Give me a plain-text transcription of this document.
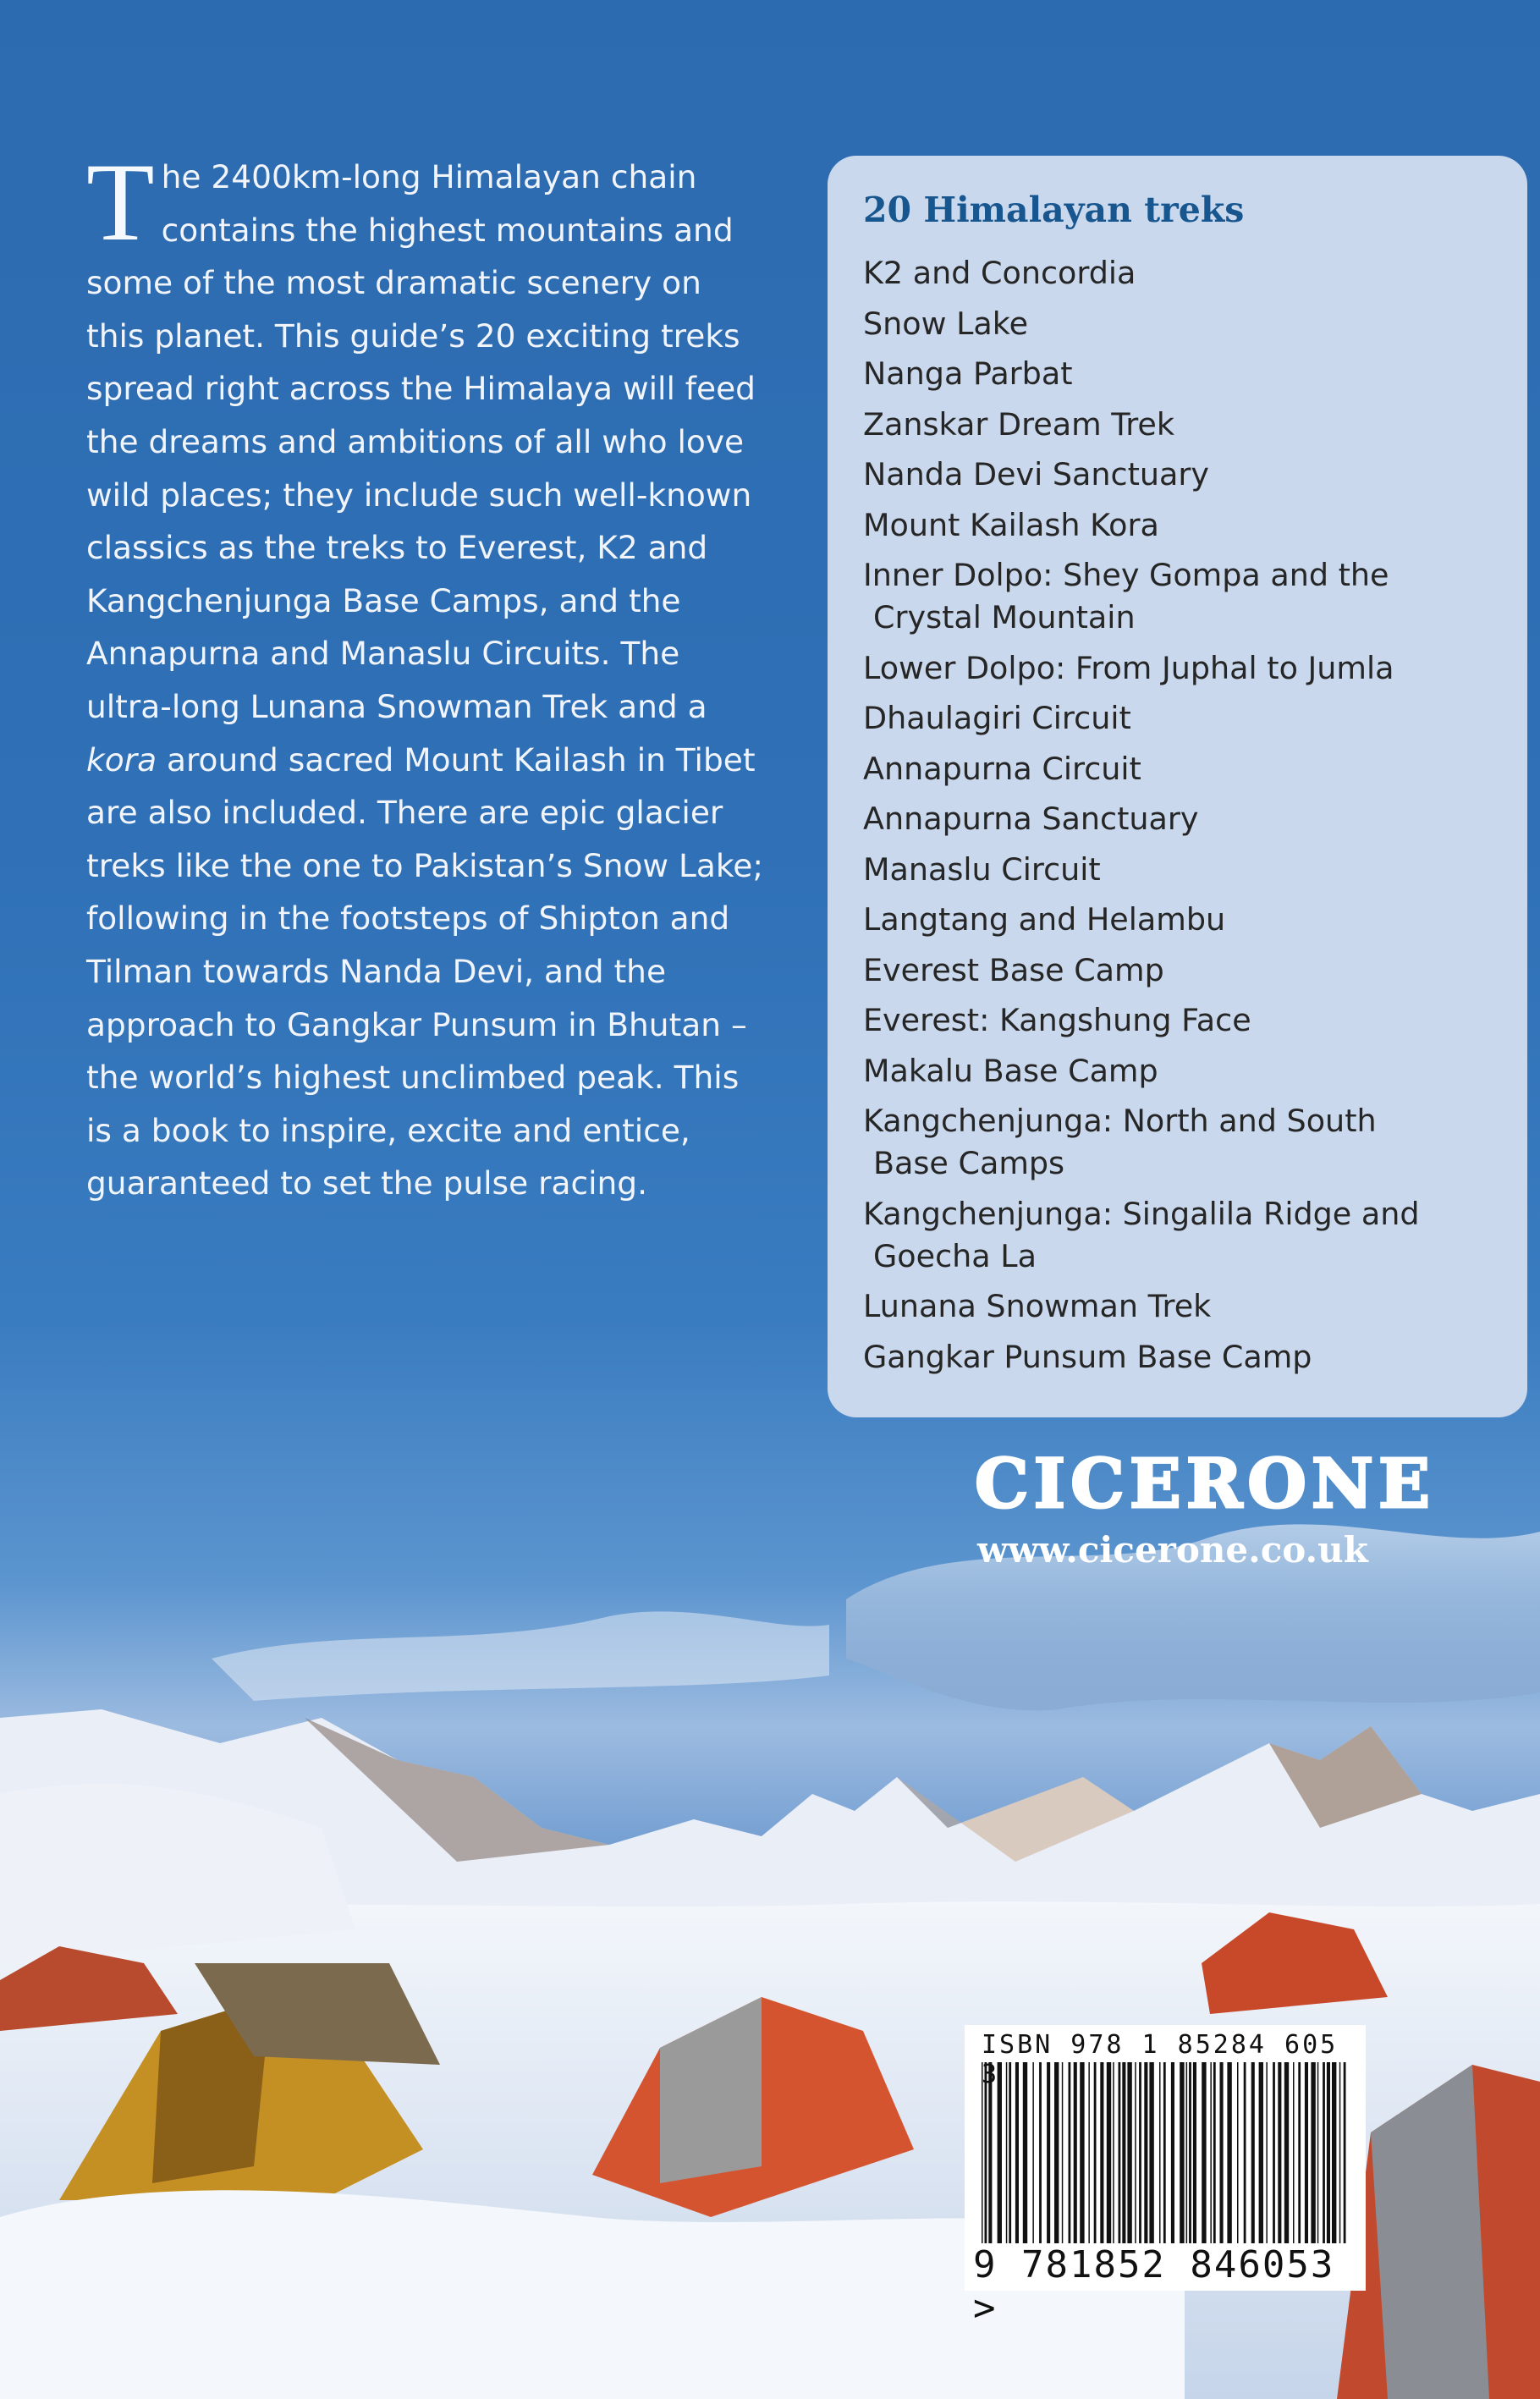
The 2400km-long Himalayan chain contains the highest mountains and some of the most dramatic scenery on this planet. This guide’s 20 exciting treks spread right across the Himalaya will feed the dreams and ambitions of all who love wild places; they include such well-known classics as the treks to Everest, K2 and Kangchenjunga Base Camps, and the Annapurna and Manaslu Circuits. The ultra-long Lunana Snowman Trek and a kora around sacred Mount Kailash in Tibet are also included. There are epic glacier treks like the one to Pakistan’s Snow Lake; following in the footsteps of Shipton and Tilman towards Nanda Devi, and the approach to Gangkar Punsum in Bhutan – the world’s highest unclimbed peak. This is a book to inspire, excite and entice, guaranteed to set the pulse racing.
20 Himalayan treks
K2 and Concordia
Snow Lake
Nanga Parbat
Zanskar Dream Trek
Nanda Devi Sanctuary
Mount Kailash Kora
Inner Dolpo: Shey Gompa and the
Crystal Mountain
Lower Dolpo: From Juphal to Jumla
Dhaulagiri Circuit
Annapurna Circuit
Annapurna Sanctuary
Manaslu Circuit
Langtang and Helambu
Everest Base Camp
Everest: Kangshung Face
Makalu Base Camp
Kangchenjunga: North and South
Base Camps
Kangchenjunga: Singalila Ridge and
Goecha La
Lunana Snowman Trek
Gangkar Punsum Base Camp
CICERONE
www.cicerone.co.uk
ISBN 978 1 85284 605
9 781852 846053 >
